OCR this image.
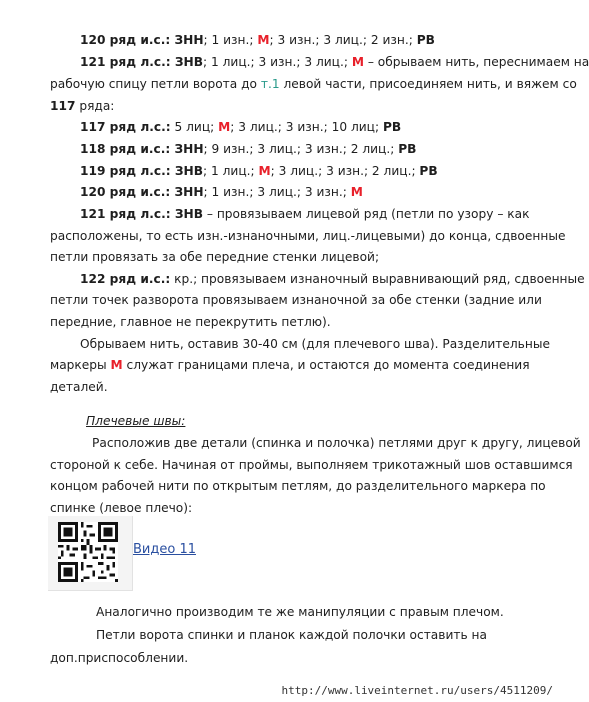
120 ряд и.с.: ЗНН; 1 изн.; М; 3 изн.; 3 лиц.; 2 изн.; РВ
121 ряд л.с.: ЗНВ; 1 лиц.; 3 изн.; 3 лиц.; М – обрываем нить, переснимаем на
рабочую спицу петли ворота до т.1 левой части, присоединяем нить, и вяжем со
117 ряда:
117 ряд л.с.: 5 лиц; М; 3 лиц.; 3 изн.; 10 лиц; РВ
118 ряд и.с.: ЗНН; 9 изн.; 3 лиц.; 3 изн.; 2 лиц.; РВ
119 ряд л.с.: ЗНВ; 1 лиц.; М; 3 лиц.; 3 изн.; 2 лиц.; РВ
120 ряд и.с.: ЗНН; 1 изн.; 3 лиц.; 3 изн.; М
121 ряд л.с.: ЗНВ – провязываем лицевой ряд (петли по узору – как
расположены, то есть изн.-изнаночными, лиц.-лицевыми) до конца, сдвоенные
петли провязать за обе передние стенки лицевой;
122 ряд и.с.: кр.; провязываем изнаночный выравнивающий ряд, сдвоенные
петли точек разворота провязываем изнаночной за обе стенки (задние или
передние, главное не перекрутить петлю).
Обрываем нить, оставив 30-40 см (для плечевого шва). Разделительные
маркеры М служат границами плеча, и остаются до момента соединения
деталей.
Плечевые швы:
Расположив две детали (спинка и полочка) петлями друг к другу, лицевой
стороной к себе. Начиная от проймы, выполняем трикотажный шов оставшимся
концом рабочей нити по открытым петлям, до разделительного маркера по
спинке (левое плечо):
Видео 11
Аналогично производим те же манипуляции с правым плечом.
Петли ворота спинки и планок каждой полочки оставить на
доп.приспособлении.
http://www.liveinternet.ru/users/4511209/
